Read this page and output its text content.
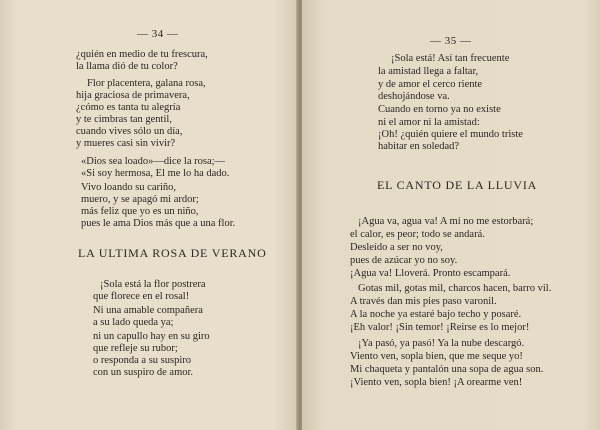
— 34 —
¿quién en medio de tu frescura,
la llama dió de tu color?
Flor placentera, galana rosa,
hija graciosa de primavera,
¿cómo es tanta tu alegría
y te cimbras tan gentil,
cuando vives sólo un día,
y mueres casi sin vivir?
«Dios sea loado»—dice la rosa;—
«Si soy hermosa, El me lo ha dado.
Vivo loando su cariño,
muero, y se apagó mi ardor;
más feliz que yo es un niño,
pues le ama Dios más que a una flor.
LA ULTIMA ROSA DE VERANO
¡Sola está la flor postrera
que florece en el rosal!
Ni una amable compañera
a su lado queda ya;
ni un capullo hay en su giro
que refleje su rubor;
o responda a su suspiro
con un suspiro de amor.
— 35 —
¡Sola está! Así tan frecuente
la amistad llega a faltar,
y de amor el cerco riente
deshojándose va.
Cuando en torno ya no existe
ni el amor ni la amistad:
¡Oh! ¿quién quiere el mundo triste
habitar en soledad?
EL CANTO DE LA LLUVIA
¡Agua va, agua va! A mí no me estorbará;
el calor, es peor; todo se andará.
Desleído a ser no voy,
pues de azúcar yo no soy.
¡Agua va! Lloverá. Pronto escampará.
Gotas mil, gotas mil, charcos hacen, barro vil.
A través dan mis pies paso varonil.
A la noche ya estaré bajo techo y posaré.
¡Eh valor! ¡Sin temor! ¡Reirse es lo mejor!
¡Ya pasó, ya pasó! Ya la nube descargó.
Viento ven, sopla bien, que me seque yo!
Mi chaqueta y pantalón una sopa de agua son.
¡Viento ven, sopla bien! ¡A orearme ven!
